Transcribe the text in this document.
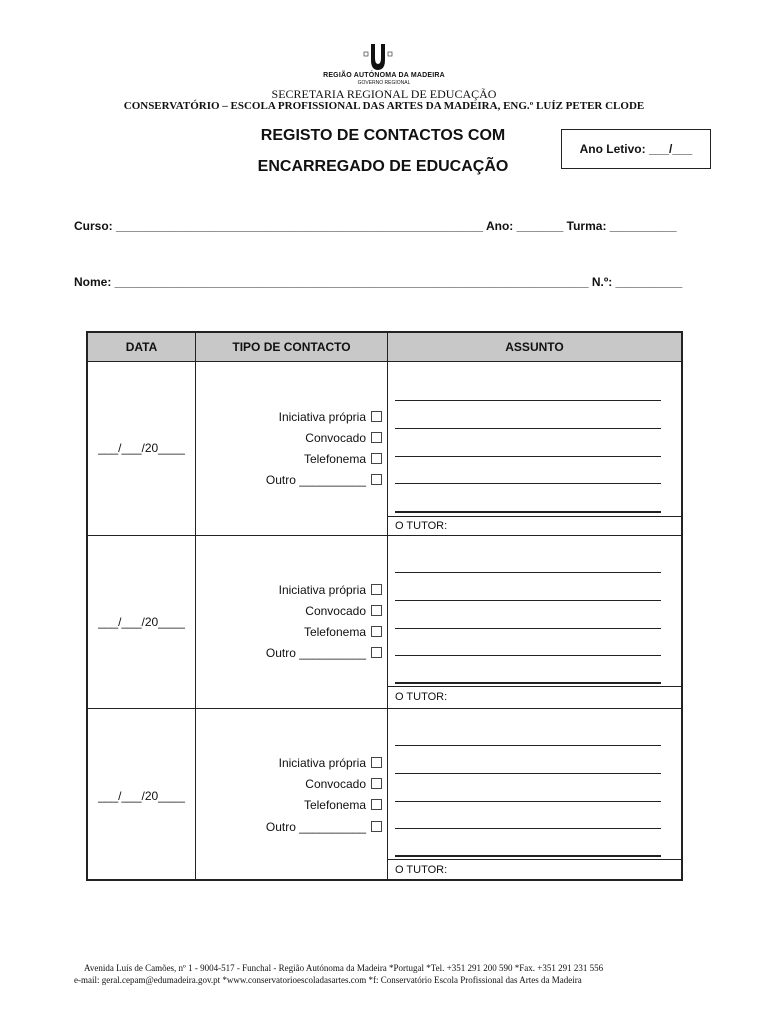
REGIÃO AUTÓNOMA DA MADEIRA
GOVERNO REGIONAL
SECRETARIA REGIONAL DE EDUCAÇÃO
CONSERVATÓRIO – ESCOLA PROFISSIONAL DAS ARTES DA MADEIRA, ENG.º LUÍZ PETER CLODE
REGISTO DE CONTACTOS COM
ENCARREGADO DE EDUCAÇÃO
Ano Letivo: ___/___
Curso: _______________________________________________________ Ano: _______ Turma: __________
Nome: _______________________________________________________________________ N.º: __________
DATA	TIPO DE CONTACTO	ASSUNTO
___/___/20____
Iniciativa própria
Convocado
Telefonema
Outro __________
O TUTOR:
___/___/20____
Iniciativa própria
Convocado
Telefonema
Outro __________
O TUTOR:
___/___/20____
Iniciativa própria
Convocado
Telefonema
Outro __________
O TUTOR:
Avenida Luís de Camões, nº 1 - 9004-517 - Funchal - Região Autónoma da Madeira *Portugal *Tel. +351 291 200 590 *Fax. +351 291 231 556
e-mail: geral.cepam@edumadeira.gov.pt *www.conservatorioescoladasartes.com *f: Conservatório Escola Profissional das Artes da Madeira
